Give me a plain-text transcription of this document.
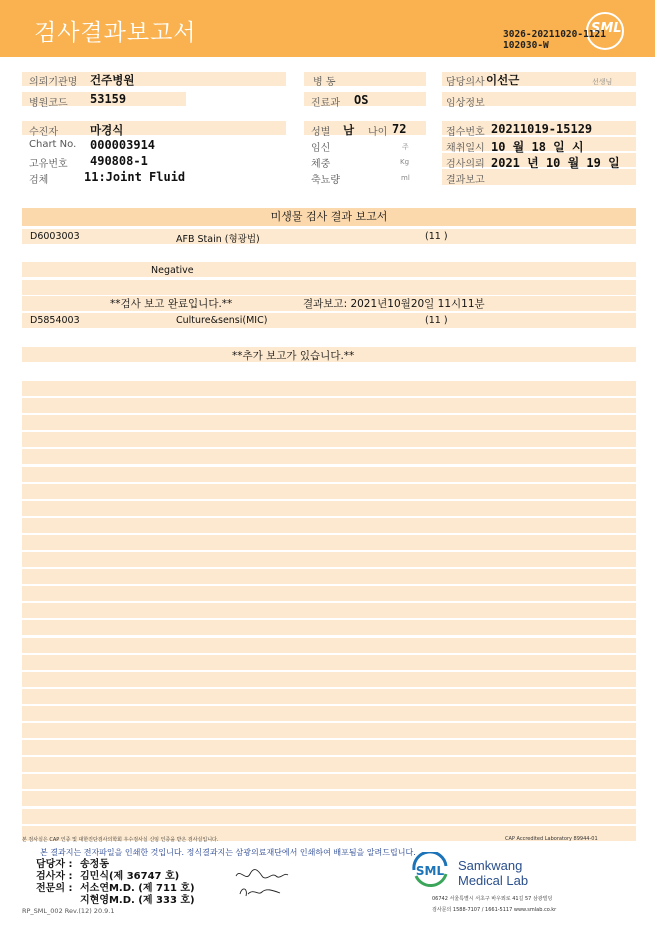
검사결과보고서	SML
3026-20211020-1121
102030-W
의뢰기관명 건주병원
병원코드 53159
병 동
진료과 OS
담당의사 이선근	선생님
임상정보
수진자	마경식
Chart No. 000003914
고유번호 490808-1
검체	11:Joint Fluid
성별 남 나이 72
임신	주
체중	Kg
축뇨량	ml
접수번호 20211019-15129
채취일시 10 월 18 일 시
검사의뢰 2021 년 10 월 19 일
결과보고
미생물 검사 결과 보고서
D6003003	AFB Stain (형광법)	(11 )
Negative
**검사 보고 완료입니다.**	결과보고: 2021년10월20일 11시11분
D5854003	Culture&sensi(MIC)	(11 )
**추가 보고가 있습니다.**
본 검사실은 CAP 인증 및 대한진단검사의학회 우수검사실 신임 인증을 받은 검사실입니다.	CAP Accredited Laboratory 89944-01
본 결과지는 전자파일을 인쇄한 것입니다. 정식결과지는 삼광의료재단에서 인쇄하여 배포됨을 알려드립니다.
담당자 : 송정동
검사자 : 김민식(제 36747 호)
전문의 : 서소연M.D. (제 711 호)
지현영M.D. (제 333 호)
SML Samkwang
Medical Lab
06742 서울특별시 서초구 바우뫼로 41길 57 삼광빌딩
검사문의 1588-7107 / 1661-5117 www.smlab.co.kr
RP_SML_002 Rev.(12) 20.9.1
